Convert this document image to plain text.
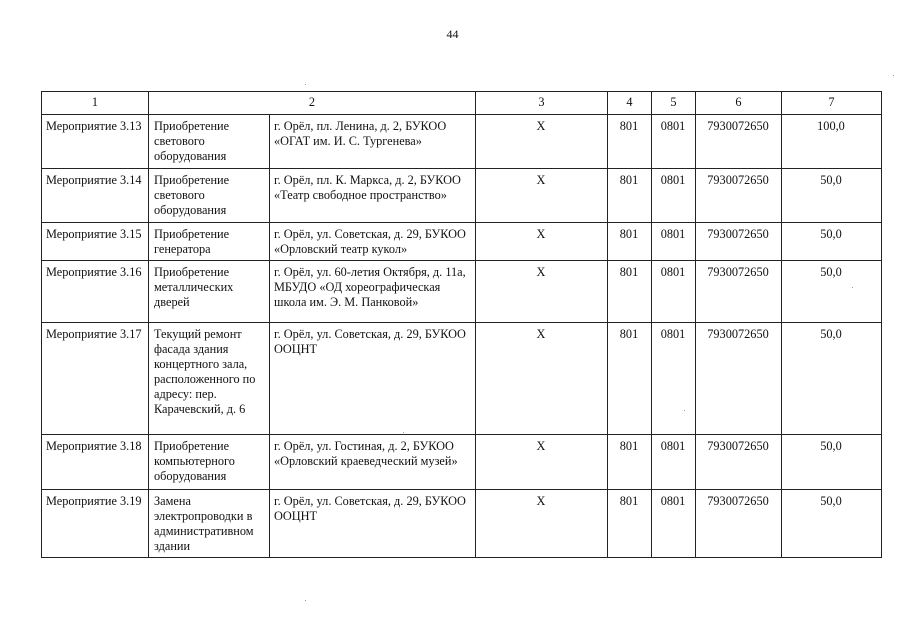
44
1	2		3	4	5	6	7
Мероприятие 3.13	Приобретение светового оборудования	г. Орёл, пл. Ленина, д. 2, БУКОО «ОГАТ им. И. С. Тургенева»	Х	801	0801	7930072650	100,0
Мероприятие 3.14	Приобретение светового оборудования	г. Орёл, пл. К. Маркса, д. 2, БУКОО «Театр свободное пространство»	Х	801	0801	7930072650	50,0
Мероприятие 3.15	Приобретение генератора	г. Орёл, ул. Советская, д. 29, БУКОО «Орловский театр кукол»	Х	801	0801	7930072650	50,0
Мероприятие 3.16	Приобретение металлических дверей	г. Орёл, ул. 60-летия Октября, д. 11а, МБУДО «ОД хореографическая школа им. Э. М. Панковой»	Х	801	0801	7930072650	50,0
Мероприятие 3.17	Текущий ремонт фасада здания концертного зала, расположенного по адресу: пер. Карачевский, д. 6	г. Орёл, ул. Советская, д. 29, БУКОО ООЦНТ	Х	801	0801	7930072650	50,0
Мероприятие 3.18	Приобретение компьютерного оборудования	г. Орёл, ул. Гостиная, д. 2, БУКОО «Орловский краеведческий музей»	Х	801	0801	7930072650	50,0
Мероприятие 3.19	Замена электропроводки в административном здании	г. Орёл, ул. Советская, д. 29, БУКОО ООЦНТ	Х	801	0801	7930072650	50,0
